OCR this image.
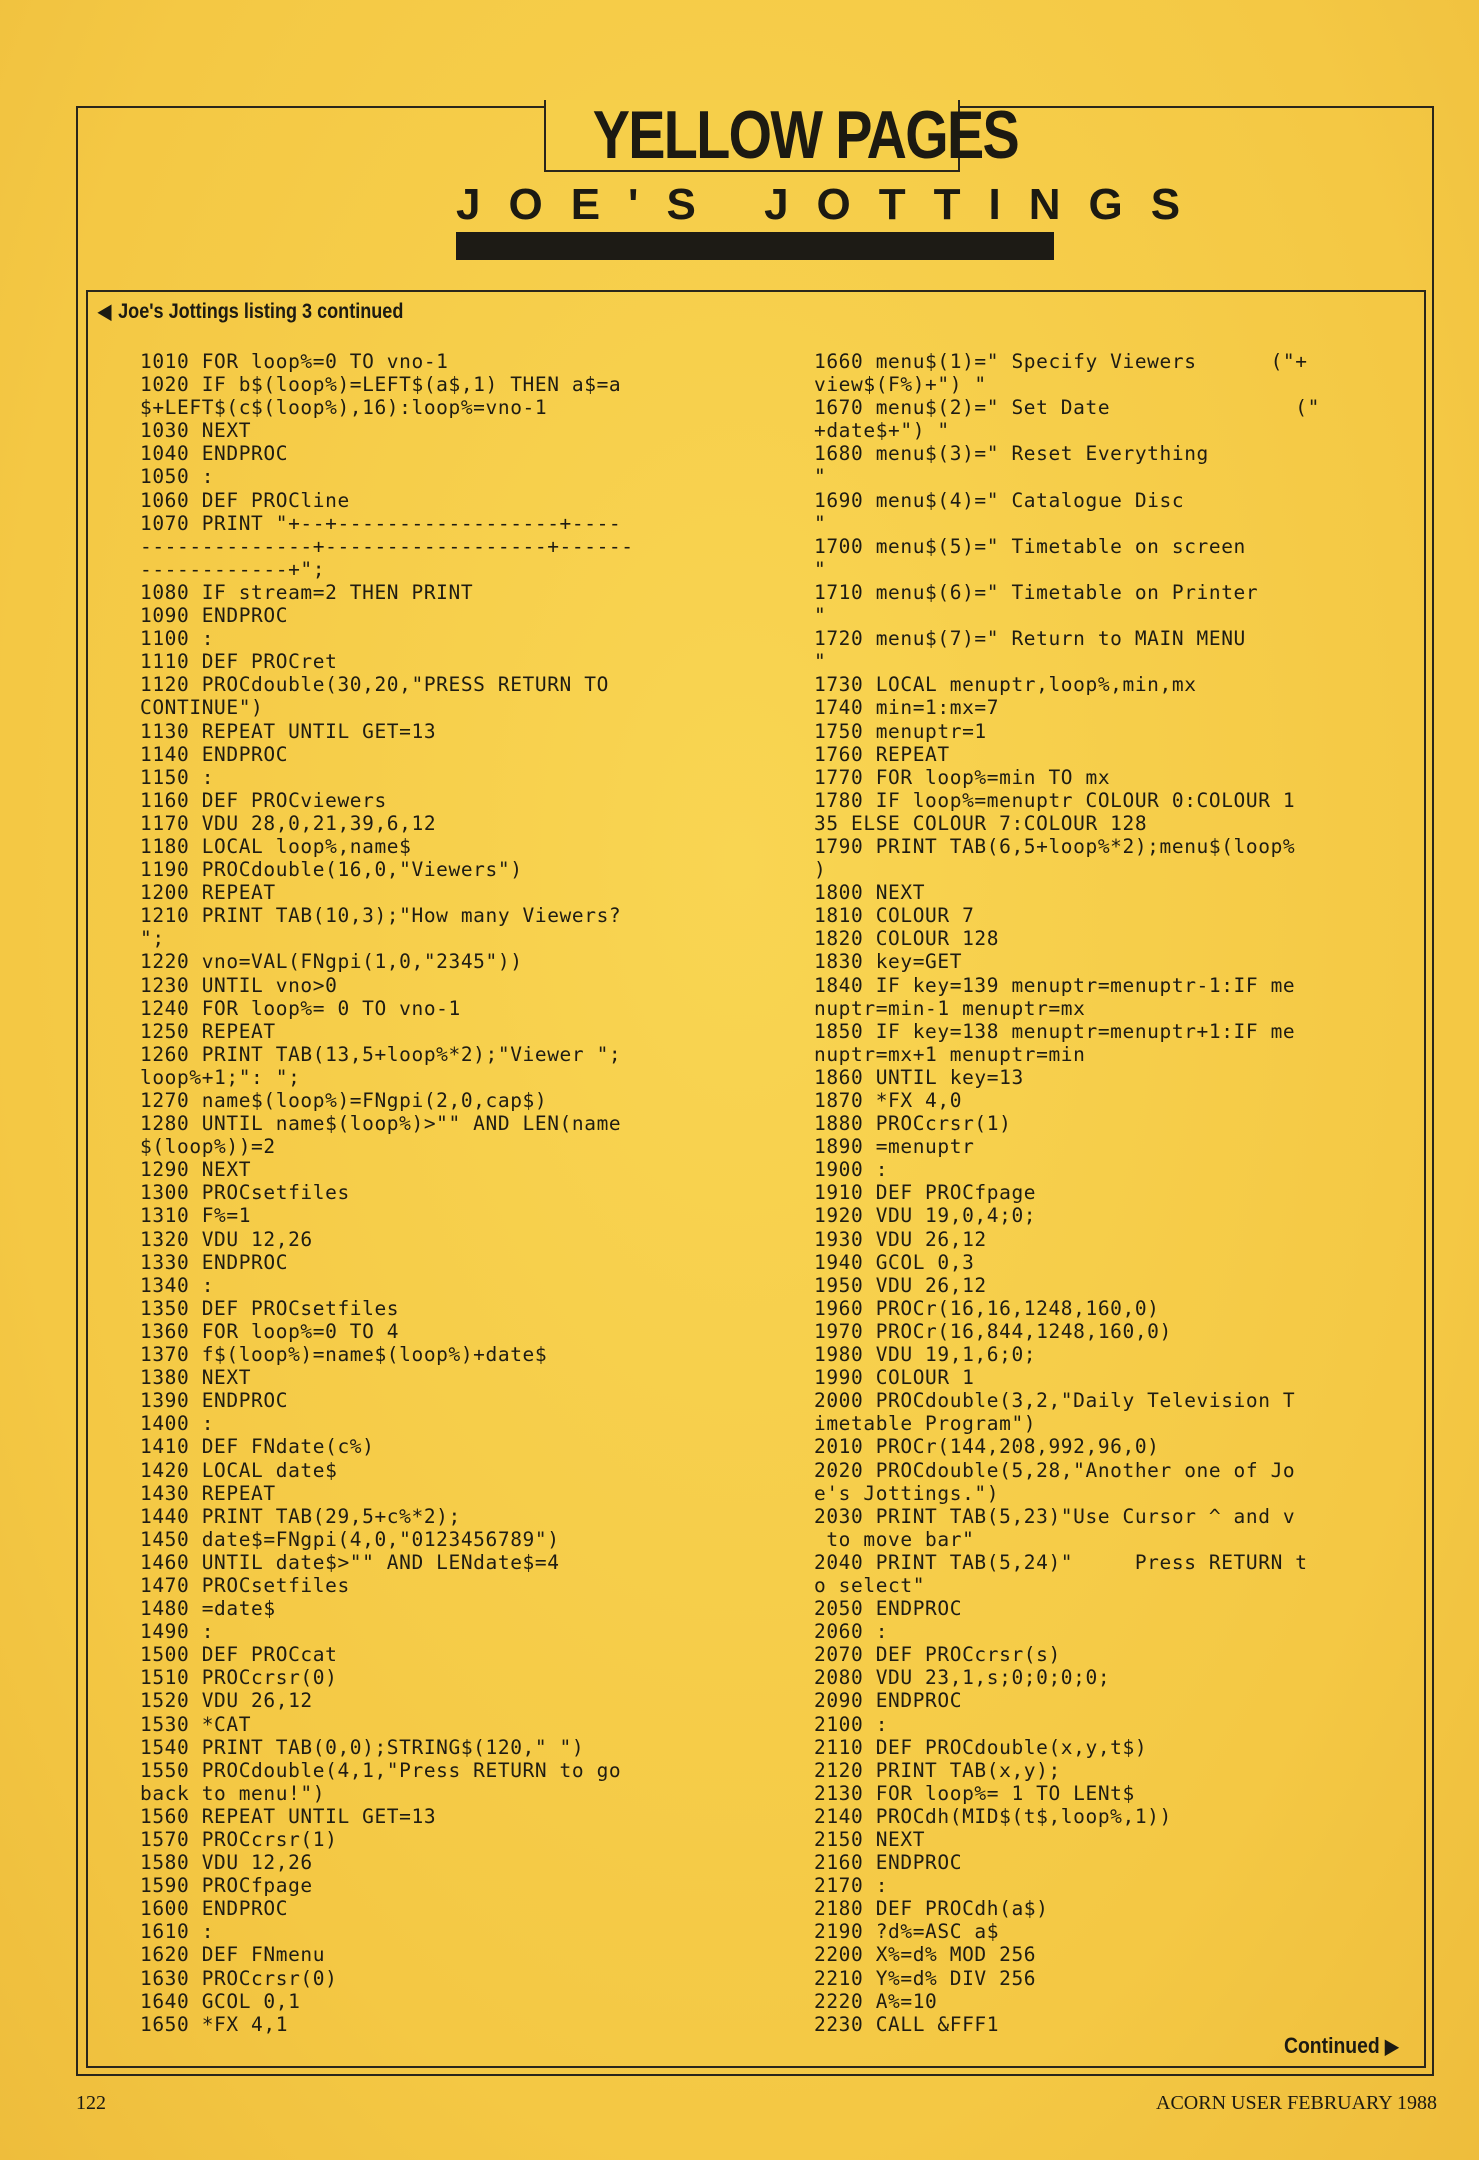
YELLOW PAGES
JOE'S JOTTINGS
◀ Joe's Jottings listing 3 continued
1010 FOR loop%=0 TO vno-1
1020 IF b$(loop%)=LEFT$(a$,1) THEN a$=a
$+LEFT$(c$(loop%),16):loop%=vno-1
1030 NEXT
1040 ENDPROC
1050 :
1060 DEF PROCline
1070 PRINT "+--+------------------+----
--------------+------------------+------
------------+";
1080 IF stream=2 THEN PRINT
1090 ENDPROC
1100 :
1110 DEF PROCret
1120 PROCdouble(30,20,"PRESS RETURN TO
CONTINUE")
1130 REPEAT UNTIL GET=13
1140 ENDPROC
1150 :
1160 DEF PROCviewers
1170 VDU 28,0,21,39,6,12
1180 LOCAL loop%,name$
1190 PROCdouble(16,0,"Viewers")
1200 REPEAT
1210 PRINT TAB(10,3);"How many Viewers?
";
1220 vno=VAL(FNgpi(1,0,"2345"))
1230 UNTIL vno>0
1240 FOR loop%= 0 TO vno-1
1250 REPEAT
1260 PRINT TAB(13,5+loop%*2);"Viewer ";
loop%+1;": ";
1270 name$(loop%)=FNgpi(2,0,cap$)
1280 UNTIL name$(loop%)>"" AND LEN(name
$(loop%))=2
1290 NEXT
1300 PROCsetfiles
1310 F%=1
1320 VDU 12,26
1330 ENDPROC
1340 :
1350 DEF PROCsetfiles
1360 FOR loop%=0 TO 4
1370 f$(loop%)=name$(loop%)+date$
1380 NEXT
1390 ENDPROC
1400 :
1410 DEF FNdate(c%)
1420 LOCAL date$
1430 REPEAT
1440 PRINT TAB(29,5+c%*2);
1450 date$=FNgpi(4,0,"0123456789")
1460 UNTIL date$>"" AND LENdate$=4
1470 PROCsetfiles
1480 =date$
1490 :
1500 DEF PROCcat
1510 PROCcrsr(0)
1520 VDU 26,12
1530 *CAT
1540 PRINT TAB(0,0);STRING$(120," ")
1550 PROCdouble(4,1,"Press RETURN to go
back to menu!")
1560 REPEAT UNTIL GET=13
1570 PROCcrsr(1)
1580 VDU 12,26
1590 PROCfpage
1600 ENDPROC
1610 :
1620 DEF FNmenu
1630 PROCcrsr(0)
1640 GCOL 0,1
1650 *FX 4,1
1660 menu$(1)=" Specify Viewers      ("+
view$(F%)+") "
1670 menu$(2)=" Set Date               ("
+date$+") "
1680 menu$(3)=" Reset Everything
"
1690 menu$(4)=" Catalogue Disc
"
1700 menu$(5)=" Timetable on screen
"
1710 menu$(6)=" Timetable on Printer
"
1720 menu$(7)=" Return to MAIN MENU
"
1730 LOCAL menuptr,loop%,min,mx
1740 min=1:mx=7
1750 menuptr=1
1760 REPEAT
1770 FOR loop%=min TO mx
1780 IF loop%=menuptr COLOUR 0:COLOUR 1
35 ELSE COLOUR 7:COLOUR 128
1790 PRINT TAB(6,5+loop%*2);menu$(loop%
)
1800 NEXT
1810 COLOUR 7
1820 COLOUR 128
1830 key=GET
1840 IF key=139 menuptr=menuptr-1:IF me
nuptr=min-1 menuptr=mx
1850 IF key=138 menuptr=menuptr+1:IF me
nuptr=mx+1 menuptr=min
1860 UNTIL key=13
1870 *FX 4,0
1880 PROCcrsr(1)
1890 =menuptr
1900 :
1910 DEF PROCfpage
1920 VDU 19,0,4;0;
1930 VDU 26,12
1940 GCOL 0,3
1950 VDU 26,12
1960 PROCr(16,16,1248,160,0)
1970 PROCr(16,844,1248,160,0)
1980 VDU 19,1,6;0;
1990 COLOUR 1
2000 PROCdouble(3,2,"Daily Television T
imetable Program")
2010 PROCr(144,208,992,96,0)
2020 PROCdouble(5,28,"Another one of Jo
e's Jottings.")
2030 PRINT TAB(5,23)"Use Cursor ^ and v
to move bar"
2040 PRINT TAB(5,24)"     Press RETURN t
o select"
2050 ENDPROC
2060 :
2070 DEF PROCcrsr(s)
2080 VDU 23,1,s;0;0;0;0;
2090 ENDPROC
2100 :
2110 DEF PROCdouble(x,y,t$)
2120 PRINT TAB(x,y);
2130 FOR loop%= 1 TO LENt$
2140 PROCdh(MID$(t$,loop%,1))
2150 NEXT
2160 ENDPROC
2170 :
2180 DEF PROCdh(a$)
2190 ?d%=ASC a$
2200 X%=d% MOD 256
2210 Y%=d% DIV 256
2220 A%=10
2230 CALL &FFF1
Continued ▶
122	ACORN USER FEBRUARY 1988
